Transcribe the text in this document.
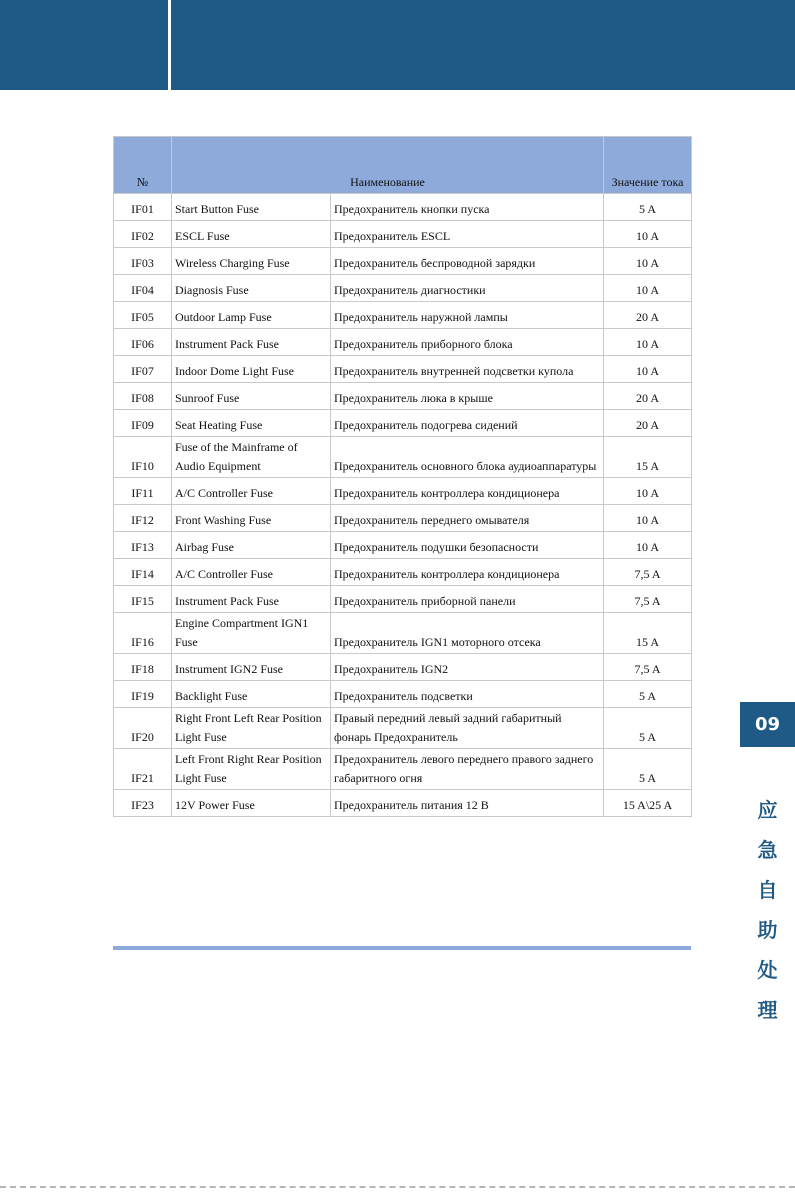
№	Наименование		Значение тока
IF01	Start Button Fuse	Предохранитель кнопки пуска	5 A
IF02	ESCL Fuse	Предохранитель ESCL	10 A
IF03	Wireless Charging Fuse	Предохранитель беспроводной зарядки	10 A
IF04	Diagnosis Fuse	Предохранитель диагностики	10 A
IF05	Outdoor Lamp Fuse	Предохранитель наружной лампы	20 A
IF06	Instrument Pack Fuse	Предохранитель приборного блока	10 A
IF07	Indoor Dome Light Fuse	Предохранитель внутренней подсветки купола	10 A
IF08	Sunroof Fuse	Предохранитель люка в крыше	20 A
IF09	Seat Heating Fuse	Предохранитель подогрева сидений	20 A
IF10	Fuse of the Mainframe of Audio Equipment	Предохранитель основного блока аудиоаппаратуры	15 A
IF11	A/C Controller Fuse	Предохранитель контроллера кондиционера	10 A
IF12	Front Washing Fuse	Предохранитель переднего омывателя	10 A
IF13	Airbag Fuse	Предохранитель подушки безопасности	10 A
IF14	A/C Controller Fuse	Предохранитель контроллера кондиционера	7,5 A
IF15	Instrument Pack Fuse	Предохранитель приборной панели	7,5 A
IF16	Engine Compartment IGN1 Fuse	Предохранитель IGN1 моторного отсека	15 A
IF18	Instrument IGN2 Fuse	Предохранитель IGN2	7,5 A
IF19	Backlight Fuse	Предохранитель подсветки	5 A
IF20	Right Front Left Rear Position Light Fuse	Правый передний левый задний габаритный фонарь Предохранитель	5 A
IF21	Left Front Right Rear Position Light Fuse	Предохранитель левого переднего правого заднего габаритного огня	5 A
IF23	12V Power Fuse	Предохранитель питания 12 В	15 A\25 A
09
应
急
自
助
处
理
